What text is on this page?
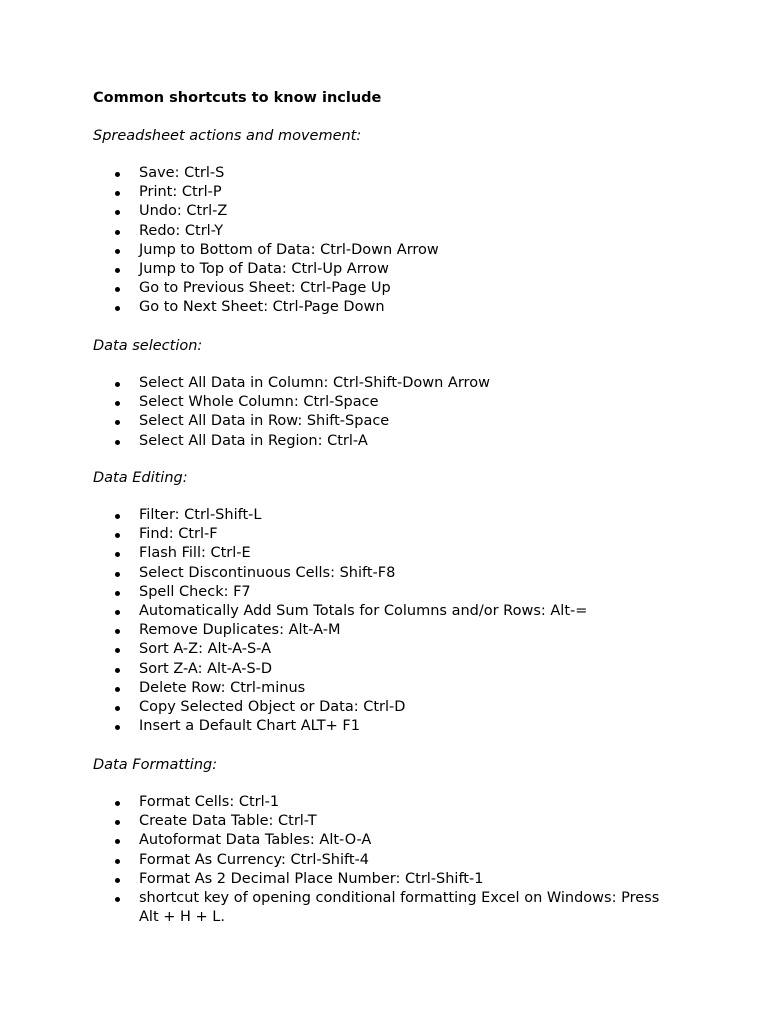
Common shortcuts to know include
Spreadsheet actions and movement:
Save: Ctrl-S
Print: Ctrl-P
Undo: Ctrl-Z
Redo: Ctrl-Y
Jump to Bottom of Data: Ctrl-Down Arrow
Jump to Top of Data: Ctrl-Up Arrow
Go to Previous Sheet: Ctrl-Page Up
Go to Next Sheet: Ctrl-Page Down
Data selection:
Select All Data in Column: Ctrl-Shift-Down Arrow
Select Whole Column: Ctrl-Space
Select All Data in Row: Shift-Space
Select All Data in Region: Ctrl-A
Data Editing:
Filter: Ctrl-Shift-L
Find: Ctrl-F
Flash Fill: Ctrl-E
Select Discontinuous Cells: Shift-F8
Spell Check: F7
Automatically Add Sum Totals for Columns and/or Rows: Alt-=
Remove Duplicates: Alt-A-M
Sort A-Z: Alt-A-S-A
Sort Z-A: Alt-A-S-D
Delete Row: Ctrl-minus
Copy Selected Object or Data: Ctrl-D
Insert a Default Chart ALT+ F1
Data Formatting:
Format Cells: Ctrl-1
Create Data Table: Ctrl-T
Autoformat Data Tables: Alt-O-A
Format As Currency: Ctrl-Shift-4
Format As 2 Decimal Place Number: Ctrl-Shift-1
shortcut key of opening conditional formatting Excel on Windows: Press Alt + H + L.
